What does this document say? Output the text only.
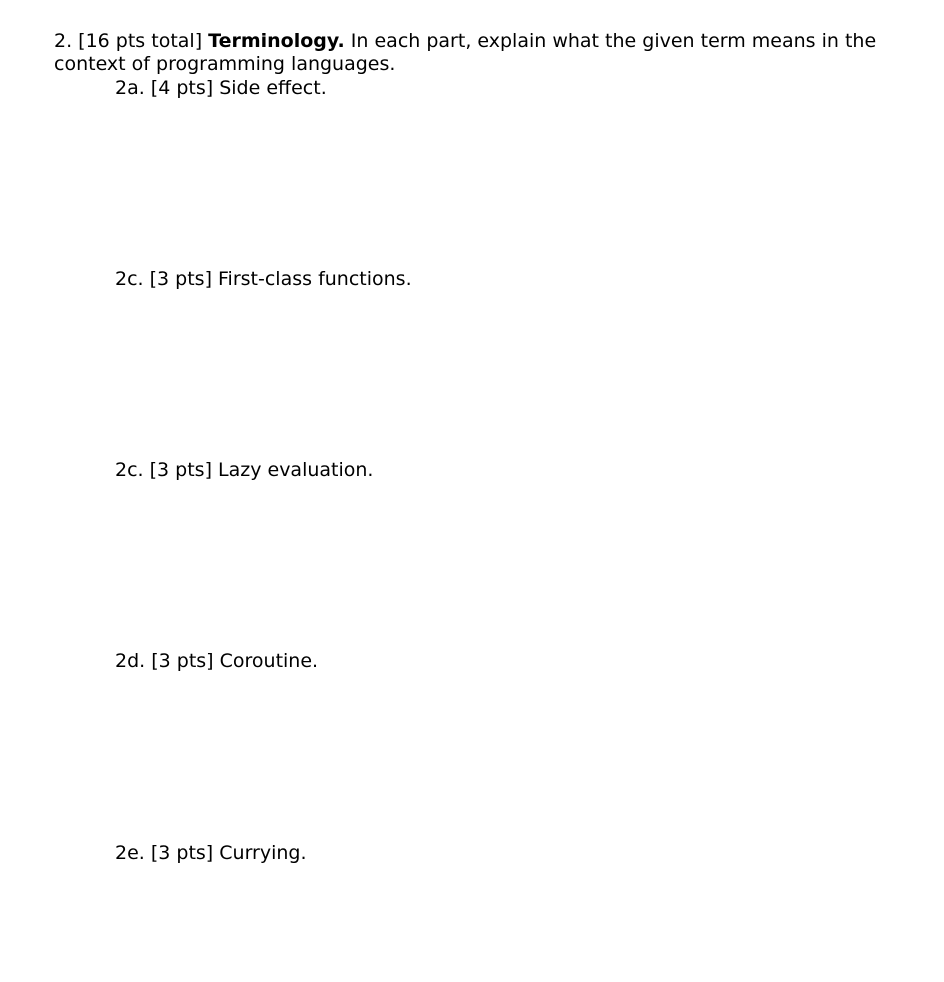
2. [16 pts total] Terminology. In each part, explain what the given term means in the context of programming languages.
2a. [4 pts] Side effect.
2c. [3 pts] First-class functions.
2c. [3 pts] Lazy evaluation.
2d. [3 pts] Coroutine.
2e. [3 pts] Currying.
